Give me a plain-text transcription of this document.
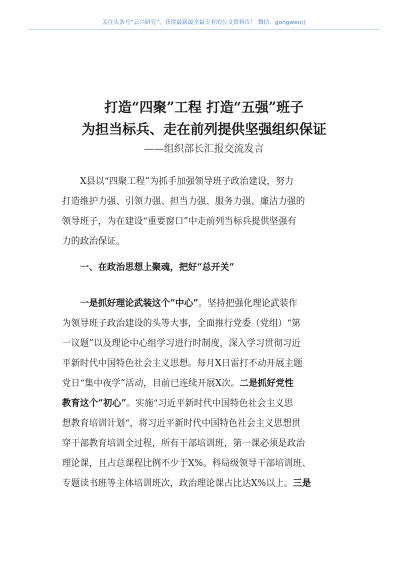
关注头条号“云兴研究”，获得最新最全最专业的公文资料库！ 微信：gongwen()
打造“四聚”工程 打造“五强”班子
为担当标兵、走在前列提供坚强组织保证
——组织部长汇报交流发言
X县以“四聚工程”为抓手加强领导班子政治建设，努力
打造维护力强、引领力强、担当力强、服务力强、廉洁力强的
领导班子，为在建设“重要窗口”中走前列当标兵提供坚强有
力的政治保证。
一、在政治思想上聚魂，把好“总开关“
一是抓好理论武装这个“中心”。坚持把强化理论武装作
为领导班子政治建设的头等大事，全面推行党委（党组）“第
一议题”以及理论中心组学习进行时制度，深入学习贯彻习近
平新时代中国特色社会主义思想。每月X日雷打不动开展主题
党日“集中夜学”活动，目前已连续开展X次。二是抓好党性
教育这个“初心”。实施“习近平新时代中国特色社会主义思
想教育培训计划“，将习近平新时代中国特色社会主义思想贯
穿干部教育培训全过程，所有干部培训班，第一课必须是政治
理论课，且占总课程比例不少于X%。科局级领导干部培训班、
专题读书班等主体培训班次，政治理论课占比达X%以上。三是
